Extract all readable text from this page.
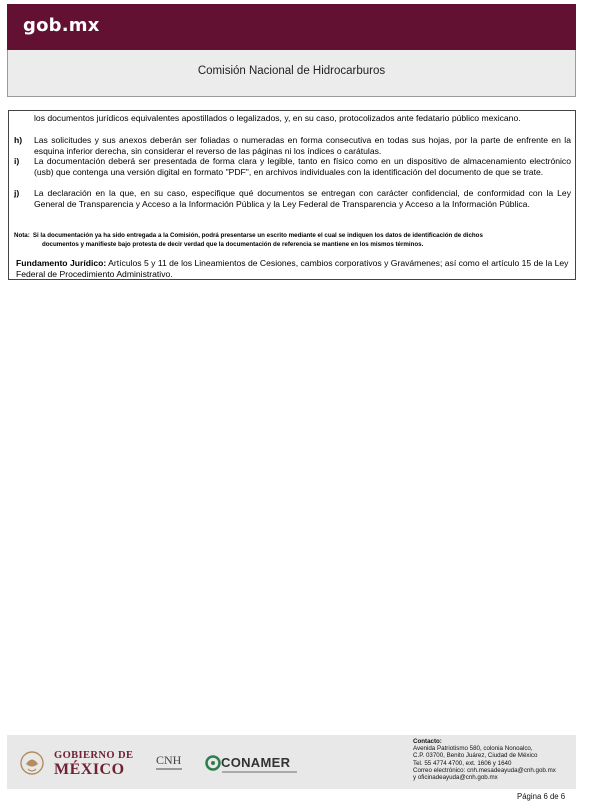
gob.mx
Comisión Nacional de Hidrocarburos
los documentos jurídicos equivalentes apostillados o legalizados, y, en su caso, protocolizados ante fedatario público mexicano.
h)	Las solicitudes y sus anexos deberán ser foliadas o numeradas en forma consecutiva en todas sus hojas, por la parte de enfrente en la esquina inferior derecha, sin considerar el reverso de las páginas ni los índices o carátulas.
i)	La documentación deberá ser presentada de forma clara y legible, tanto en físico como en un dispositivo de almacenamiento electrónico (usb) que contenga una versión digital en formato "PDF", en archivos individuales con la identificación del documento de que se trate.
j)	La declaración en la que, en su caso, especifique qué documentos se entregan con carácter confidencial, de conformidad con la Ley General de Transparencia y Acceso a la Información Pública y la Ley Federal de Transparencia y Acceso a la Información Pública.
Nota: Si la documentación ya ha sido entregada a la Comisión, podrá presentarse un escrito mediante el cual se indiquen los datos de identificación de dichos
documentos y manifieste bajo protesta de decir verdad que la documentación de referencia se mantiene en los mismos términos.
Fundamento Jurídico: Artículos 5 y 11 de los Lineamientos de Cesiones, cambios corporativos y Gravámenes; así como el artículo 15 de la Ley Federal de Procedimiento Administrativo.
GOBIERNO DE
MÉXICO
CNH	CONAMER
Contacto:
Avenida Patriotismo 580, colonia Nonoalco,
C.P. 03700, Benito Juárez, Ciudad de México
Tel. 55 4774 4700, ext. 1606 y 1640
Correo electrónico: cnh.mesadeayuda@cnh.gob.mx
y oficinadeayuda@cnh.gob.mx
Página 6 de 6
